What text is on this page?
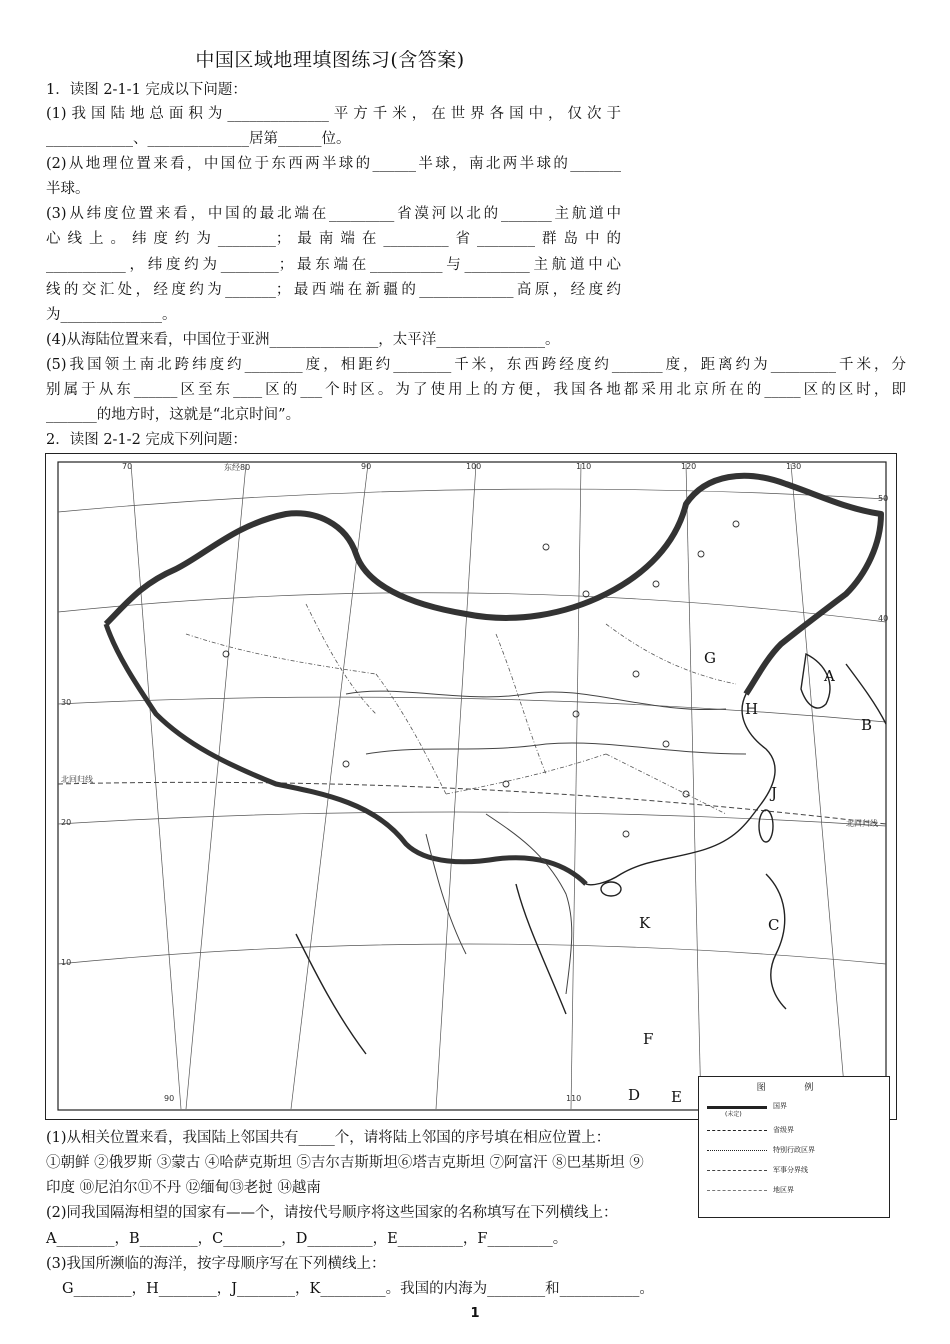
中国区域地理填图练习(含答案)
1．读图 2-1-1 完成以下问题：
(1)我国陆地总面积为______________平方千米，在世界各国中，仅次于
____________、______________居第______位。
(2)从地理位置来看，中国位于东西两半球的______半球，南北两半球的_______
半球。
(3)从纬度位置来看，中国的最北端在_________省漠河以北的_______主航道中
心线上。纬度约为________；最南端在_________省________群岛中的
___________，纬度约为________；最东端在__________与_________主航道中心
线的交汇处，经度约为_______；最西端在新疆的_____________高原，经度约
为______________。
(4)从海陆位置来看，中国位于亚洲_______________，太平洋_______________。
(5)我国领土南北跨纬度约________度，相距约________千米，东西跨经度约_______度，距离约为_________千米，分
别属于从东______区至东____区的___个时区。为了使用上的方便，我国各地都采用北京所在的_____区的区时，即
_______的地方时，这就是“北京时间”。
2．读图 2-1-2 完成下列问题：
70	东经80	90	100	110	120	130
50
40
30
20
10
北回归线
北回归线
90	110
A
B
C
D E
F
G
H
J
K
图 例
(未定)
国界
省级界
特别行政区界
军事分界线
地区界
(1)从相关位置来看，我国陆上邻国共有_____个，请将陆上邻国的序号填在相应位置上：
①朝鲜 ②俄罗斯 ③蒙古 ④哈萨克斯坦 ⑤吉尔吉斯斯坦⑥塔吉克斯坦 ⑦阿富汗 ⑧巴基斯坦 ⑨
印度 ⑩尼泊尔⑪不丹 ⑫缅甸⑬老挝 ⑭越南
(2)同我国隔海相望的国家有——个，请按代号顺序将这些国家的名称填写在下列横线上：
A________，B________，C________，D_________，E_________，F_________。
(3)我国所濒临的海洋，按字母顺序写在下列横线上：
G________，H________，J________，K_________。我国的内海为________和___________。
1
